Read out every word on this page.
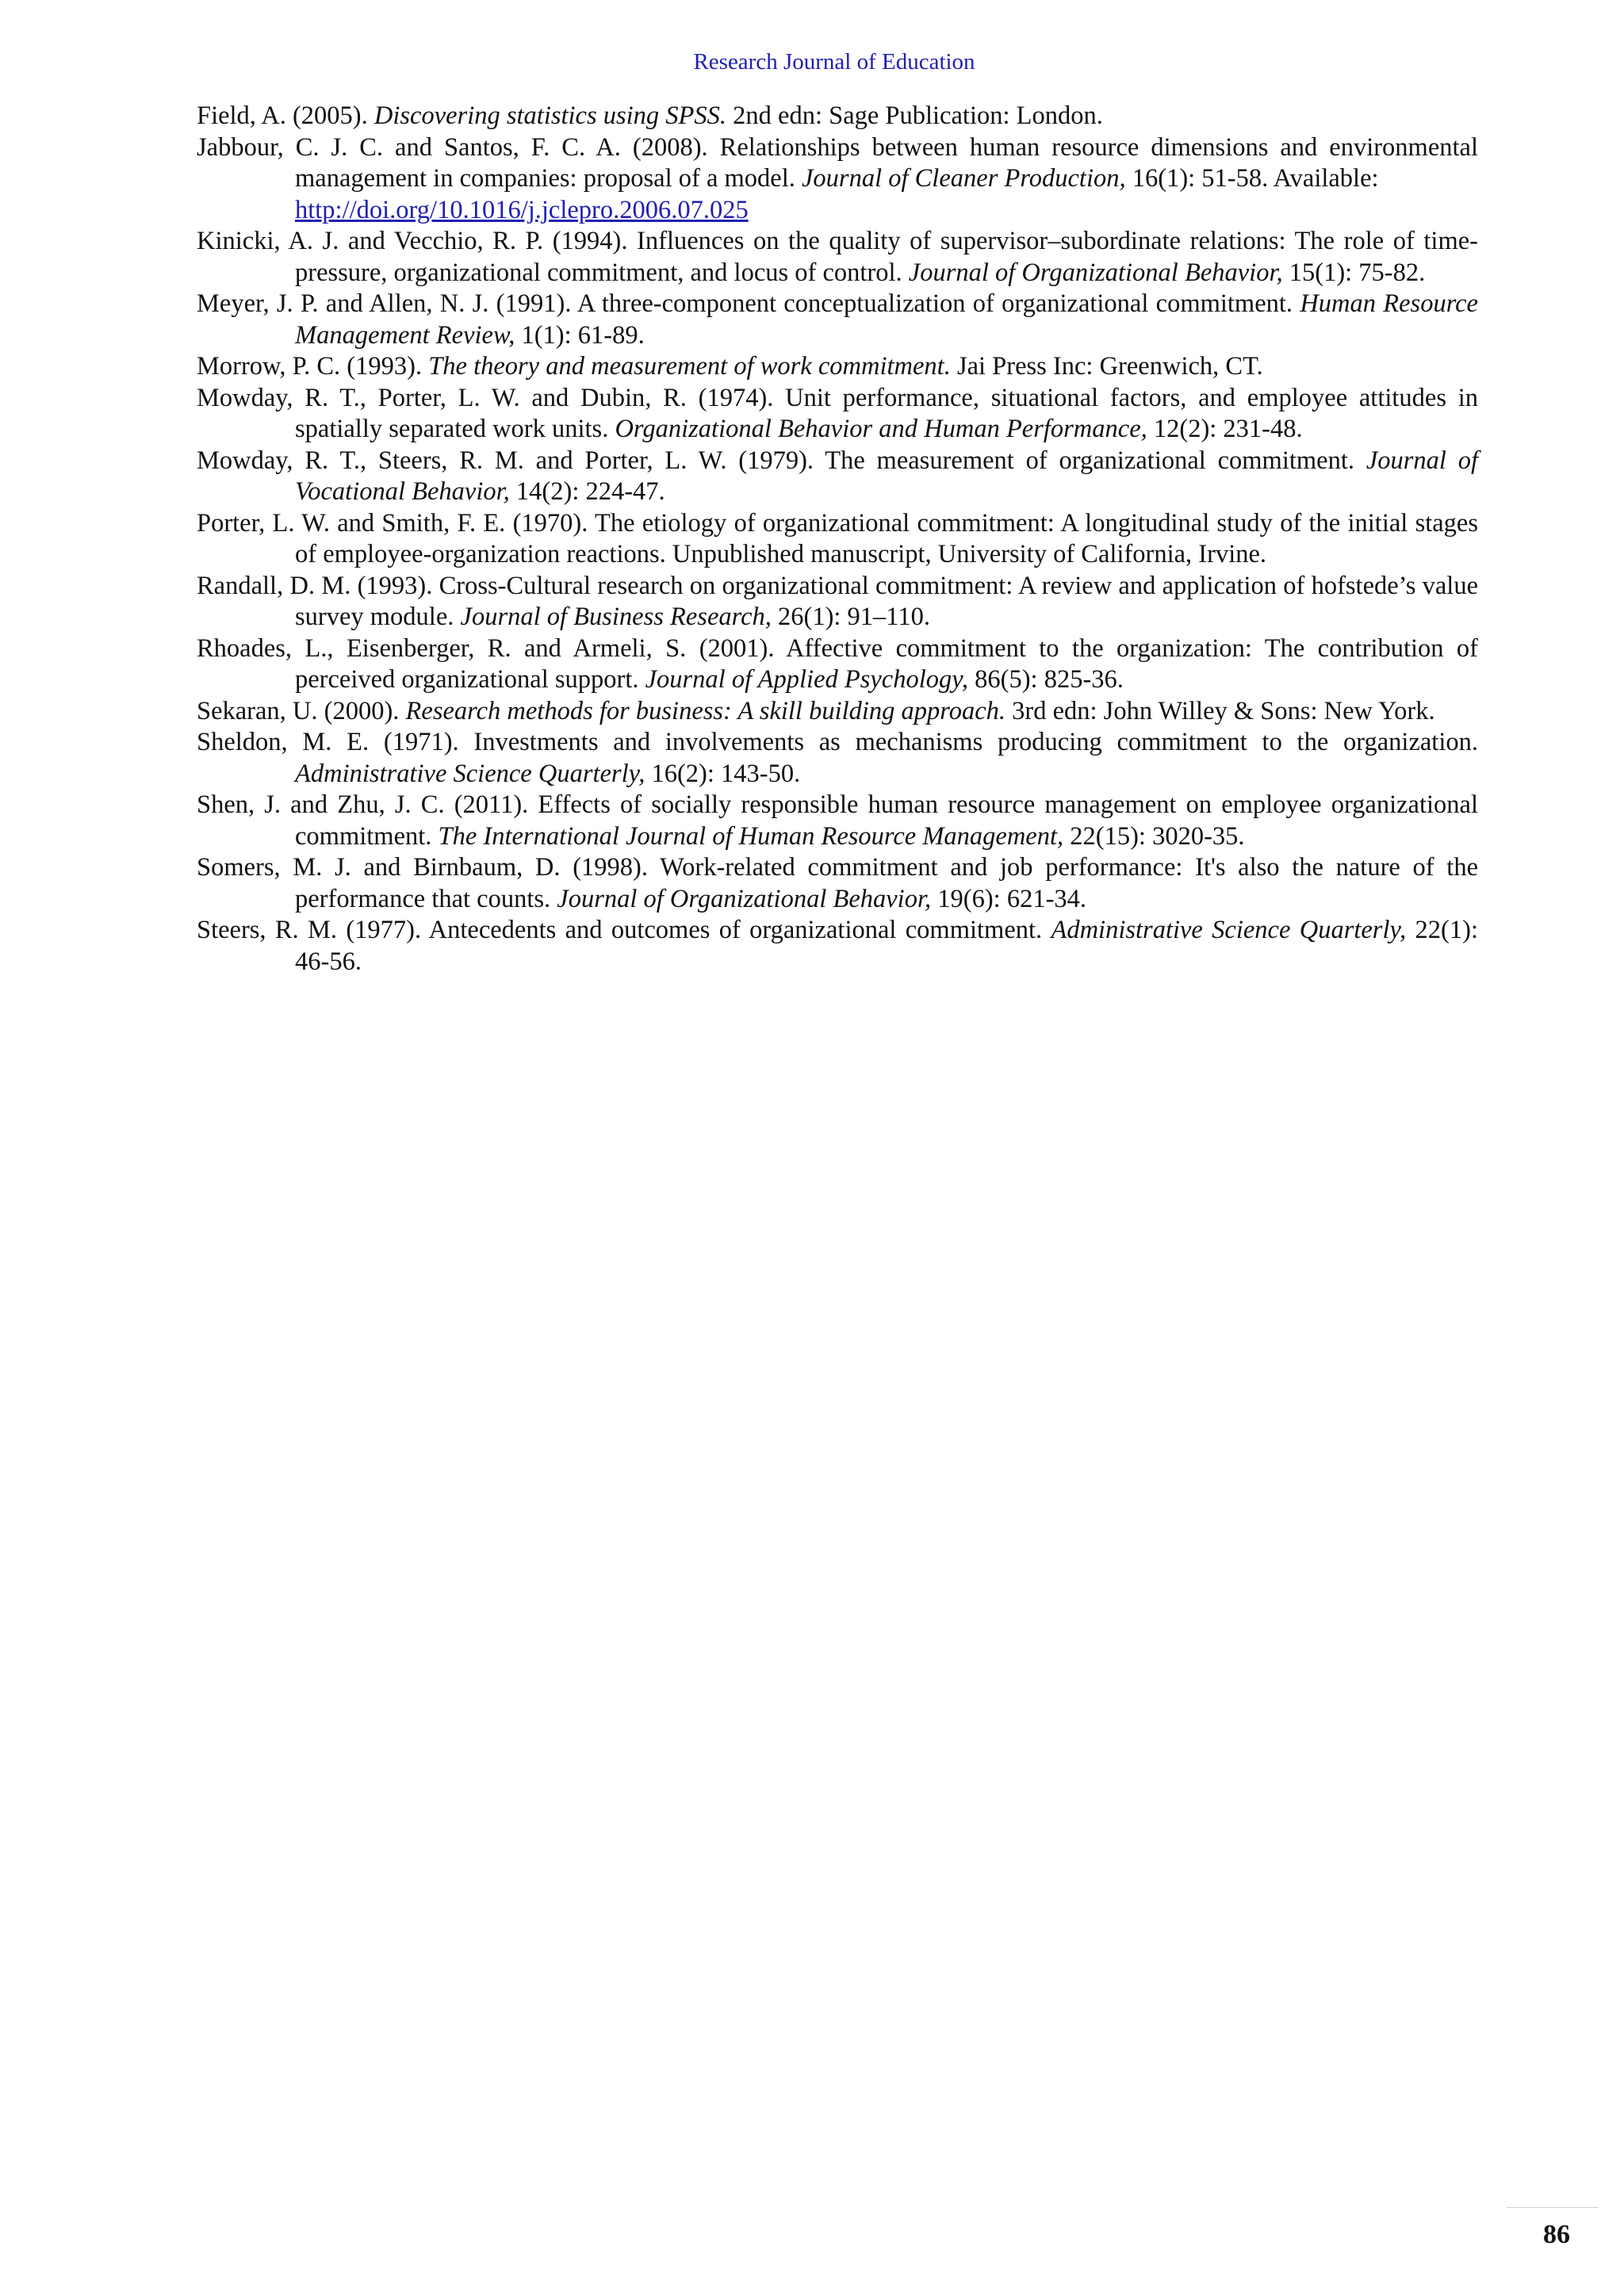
Research Journal of Education

Field, A. (2005). Discovering statistics using SPSS. 2nd edn: Sage Publication: London.

Jabbour, C. J. C. and Santos, F. C. A. (2008). Relationships between human resource dimensions and environmental management in companies: proposal of a model. Journal of Cleaner Production, 16(1): 51-58. Available:
http://doi.org/10.1016/j.jclepro.2006.07.025

Kinicki, A. J. and Vecchio, R. P. (1994). Influences on the quality of supervisor–subordinate relations: The role of time-pressure, organizational commitment, and locus of control. Journal of Organizational Behavior, 15(1): 75-82.

Meyer, J. P. and Allen, N. J. (1991). A three-component conceptualization of organizational commitment. Human Resource Management Review, 1(1): 61-89.

Morrow, P. C. (1993). The theory and measurement of work commitment. Jai Press Inc: Greenwich, CT.

Mowday, R. T., Porter, L. W. and Dubin, R. (1974). Unit performance, situational factors, and employee attitudes in spatially separated work units. Organizational Behavior and Human Performance, 12(2): 231-48.

Mowday, R. T., Steers, R. M. and Porter, L. W. (1979). The measurement of organizational commitment. Journal of Vocational Behavior, 14(2): 224-47.

Porter, L. W. and Smith, F. E. (1970). The etiology of organizational commitment: A longitudinal study of the initial stages of employee-organization reactions. Unpublished manuscript, University of California, Irvine.

Randall, D. M. (1993). Cross-Cultural research on organizational commitment: A review and application of hofstede’s value survey module. Journal of Business Research, 26(1): 91–110.

Rhoades, L., Eisenberger, R. and Armeli, S. (2001). Affective commitment to the organization: The contribution of perceived organizational support. Journal of Applied Psychology, 86(5): 825-36.

Sekaran, U. (2000). Research methods for business: A skill building approach. 3rd edn: John Willey & Sons: New York.

Sheldon, M. E. (1971). Investments and involvements as mechanisms producing commitment to the organization. Administrative Science Quarterly, 16(2): 143-50.

Shen, J. and Zhu, J. C. (2011). Effects of socially responsible human resource management on employee organizational commitment. The International Journal of Human Resource Management, 22(15): 3020-35.

Somers, M. J. and Birnbaum, D. (1998). Work-related commitment and job performance: It's also the nature of the performance that counts. Journal of Organizational Behavior, 19(6): 621-34.

Steers, R. M. (1977). Antecedents and outcomes of organizational commitment. Administrative Science Quarterly, 22(1): 46-56.

86
